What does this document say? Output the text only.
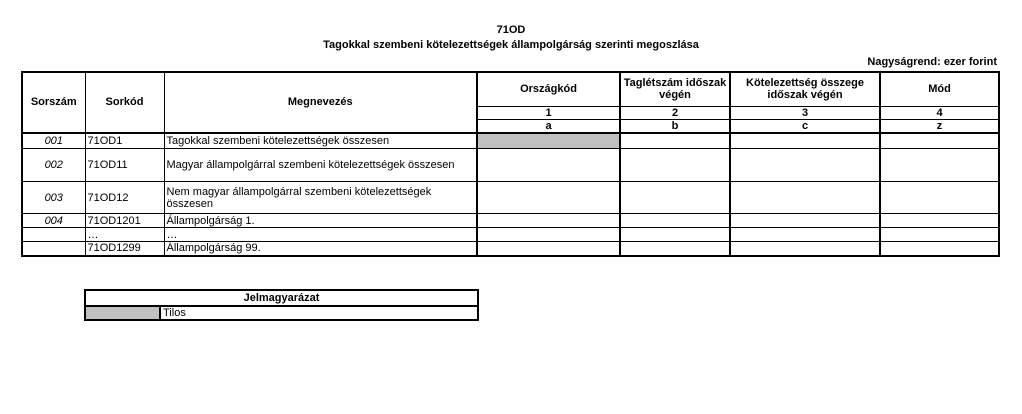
71OD
Tagokkal szembeni kötelezettségek állampolgárság szerinti megoszlása
Nagyságrend: ezer forint
Sorszám	Sorkód	Megnevezés	Országkód	Taglétszám időszak végén	Kötelezettség összege időszak végén	Mód
			1	2	3	4
			a	b	c	z
001	71OD1	Tagokkal szembeni kötelezettségek összesen				
002	71OD11	Magyar állampolgárral szembeni kötelezettségek összesen				
003	71OD12	Nem magyar állampolgárral szembeni kötelezettségek összesen				
004	71OD1201	Állampolgárság 1.				
	…	…				
	71OD1299	Állampolgárság 99.				
Jelmagyarázat
	Tilos
